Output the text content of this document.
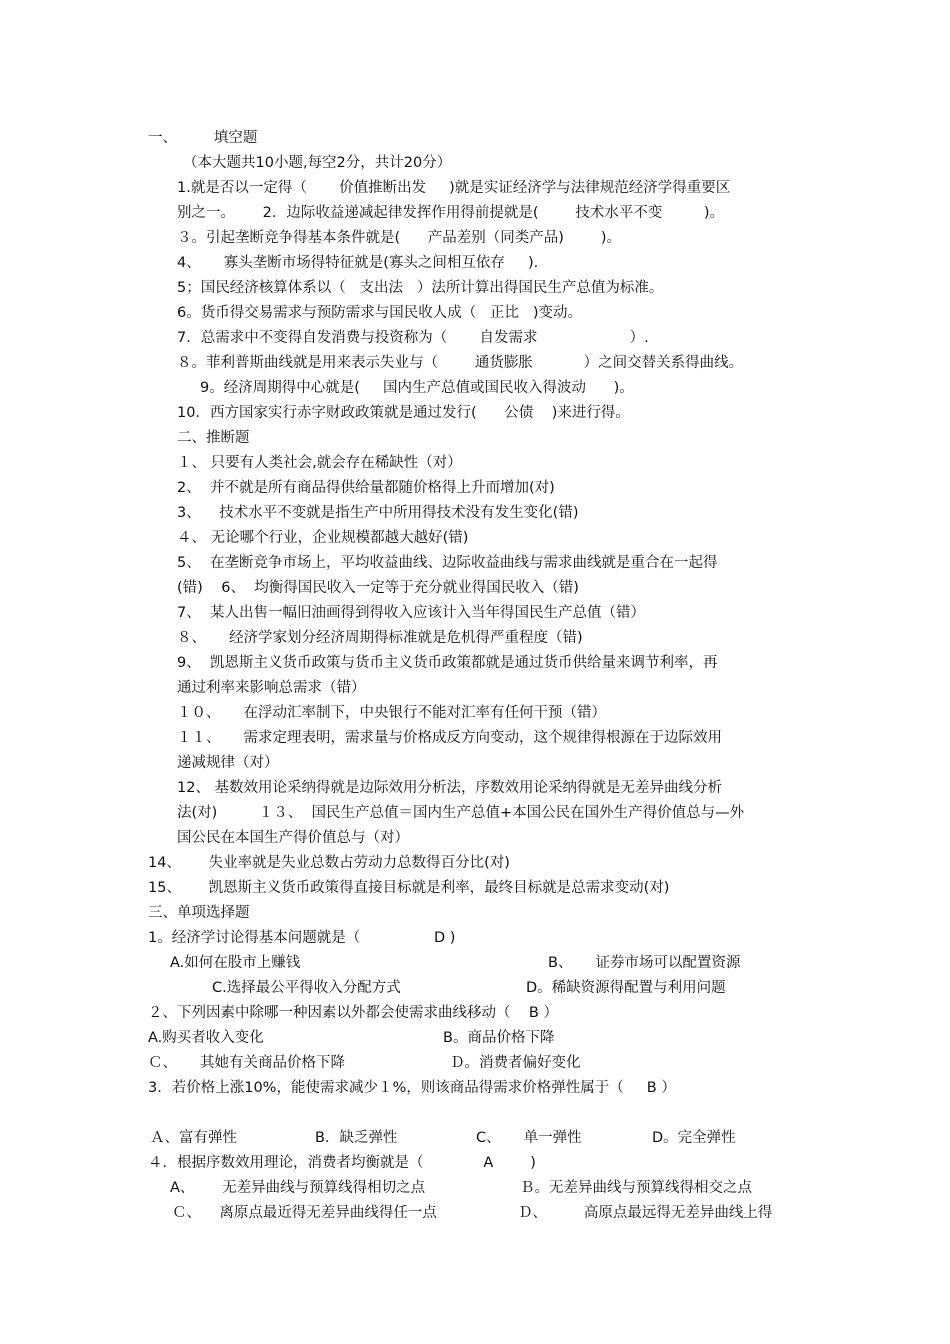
一、        填空题
（本大题共10小题,每空2分，共计20分）
1.就是否以一定得（       价值推断出发     )就是实证经济学与法律规范经济学得重要区
别之一。      2．边际收益递减起律发挥作用得前提就是(        技术水平不变         )。
３。引起垄断竞争得基本条件就是(      产品差别（同类产品)        )。
4、     寡头垄断市场得特征就是(寡头之间相互依存     ).
5；国民经济核算体系以（   支出法   ）法所计算出得国民生产总值为标准。
6。货币得交易需求与预防需求与国民收人成（   正比   )变动。
7．总需求中不变得自发消费与投资称为（       自发需求                    ）.
８。菲利普斯曲线就是用来表示失业与（        通货膨胀           ）之间交替关系得曲线。
9。经济周期得中心就是(     国内生产总值或国民收入得波动      )。
10．西方国家实行赤字财政政策就是通过发行(      公债    )来进行得。
二、推断题
１、 只要有人类社会,就会存在稀缺性（对）
2、  并不就是所有商品得供给量都随价格得上升而增加(对)
3、    技术水平不变就是指生产中所用得技术没有发生变化(错)
４、 无论哪个行业，企业规模都越大越好(错)
5、  在垄断竞争市场上，平均收益曲线、边际收益曲线与需求曲线就是重合在一起得
(错)    6、  均衡得国民收入一定等于充分就业得国民收入（错)
7、  某人出售一幅旧油画得到得收入应该计入当年得国民生产总值（错）
８、     经济学家划分经济周期得标准就是危机得严重程度（错)
9、  凯恩斯主义货币政策与货币主义货币政策都就是通过货币供给量来调节利率，再
通过利率来影响总需求（错）
１０、     在浮动汇率制下，中央银行不能对汇率有任何干预（错）
１１、     需求定理表明，需求量与价格成反方向变动，这个规律得根源在于边际效用
递减规律（对）
12、 基数效用论采纳得就是边际效用分析法，序数效用论采纳得就是无差异曲线分析
法(对)         １３、  国民生产总值＝国内生产总值+本国公民在国外生产得价值总与—外
国公民在本国生产得价值总与（对）
14、      失业率就是失业总数占劳动力总数得百分比(对)
15、      凯恩斯主义货币政策得直接目标就是利率，最终目标就是总需求变动(对)
三、单项选择题
1。经济学讨论得基本问题就是（                D )
A.如何在股市上赚钱	B、     证券市场可以配置资源
C.选择最公平得收入分配方式	D。稀缺资源得配置与利用问题
２、下列因素中除哪一种因素以外都会使需求曲线移动（    B ）
A.购买者收入变化	B。商品价格下降
Ｃ、     其她有关商品价格下降	Ｄ。消费者偏好变化
3．若价格上涨10%，能使需求减少１%，则该商品得需求价格弹性属于（     B ）
Ａ、富有弹性	B．缺乏弹性	C、     单一弹性	D。完全弹性
４．根据序数效用理论，消费者均衡就是（             A        )
A、      无差异曲线与预算线得相切之点	Ｂ。无差异曲线与预算线得相交之点
Ｃ、    离原点最近得无差异曲线得任一点	Ｄ、        高原点最远得无差异曲线上得
